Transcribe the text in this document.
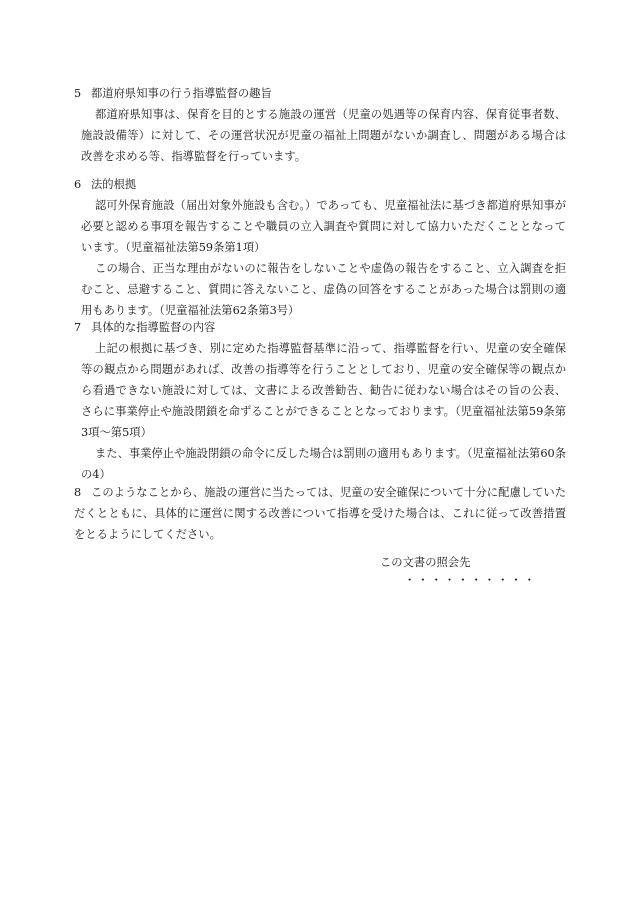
5 都道府県知事の行う指導監督の趣旨

都道府県知事は、保育を目的とする施設の運営（児童の処遇等の保育内容、保育従事者数、施設設備等）に対して、その運営状況が児童の福祉上問題がないか調査し、問題がある場合は改善を求める等、指導監督を行っています。

6 法的根拠

認可外保育施設（届出対象外施設も含む。）であっても、児童福祉法に基づき都道府県知事が必要と認める事項を報告することや職員の立入調査や質問に対して協力いただくこととなっています。（児童福祉法第59条第1項）

この場合、正当な理由がないのに報告をしないことや虚偽の報告をすること、立入調査を拒むこと、忌避すること、質問に答えないこと、虚偽の回答をすることがあった場合は罰則の適用もあります。（児童福祉法第62条第3号）

7 具体的な指導監督の内容

上記の根拠に基づき、別に定めた指導監督基準に沿って、指導監督を行い、児童の安全確保等の観点から問題があれば、改善の指導等を行うこととしており、児童の安全確保等の観点から看過できない施設に対しては、文書による改善勧告、勧告に従わない場合はその旨の公表、さらに事業停止や施設閉鎖を命ずることができることとなっております。（児童福祉法第59条第3項〜第5項）

また、事業停止や施設閉鎖の命令に反した場合は罰則の適用もあります。（児童福祉法第60条の4）

8 このようなことから、施設の運営に当たっては、児童の安全確保について十分に配慮していただくとともに、具体的に運営に関する改善について指導を受けた場合は、これに従って改善措置をとるようにしてください。

この文書の照会先
・・・・・・・・・・
